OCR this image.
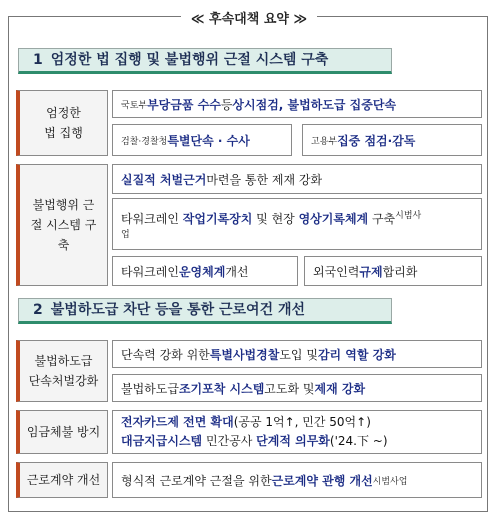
≪ 후속대책 요약 ≫
1 엄정한 법 집행 및 불법행위 근절 시스템 구축
엄정한
법 집행
국토부 부당금품 수수 등 상시점검, 불법하도급 집중단속
검찰·경찰청 특별단속 · 수사	고용부 집중 점검·감독
불법행위 근
절 시스템 구
축
실질적 처벌근거 마련을 통한 제재 강화
타워크레인 작업기록장치 및 현장 영상기록체계 구축$^{시범사}$
업
타워크레인 운영체계 개선	외국인력 규제 합리화
2 불법하도급 차단 등을 통한 근로여건 개선
불법하도급
단속처벌강화
단속력 강화 위한 특별사법경찰 도입 및 감리 역할 강화
불법하도급 조기포착 시스템 고도화 및 제재 강화
임금체불 방지
전자카드제 전면 확대(공공 1억↑, 민간 50억↑)
대금지급시스템 민간공사 단계적 의무화('24.下 ~)
근로계약 개선 형식적 근로계약 근절을 위한 근로계약 관행 개선 시범사업
